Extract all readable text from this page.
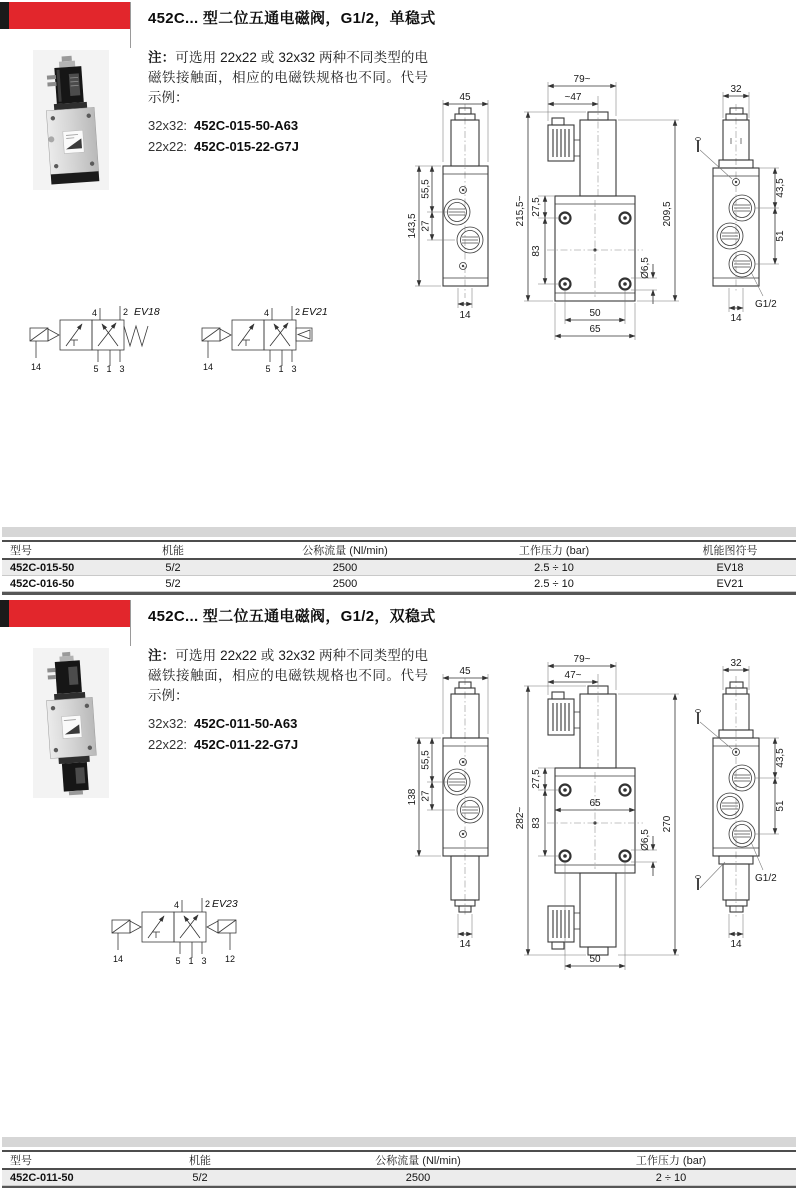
452C... 型二位五通电磁阀，G1/2，单稳式
注：可选用 22x22 或 32x32 两种不同类型的电磁铁接触面，相应的电磁铁规格也不同。代号示例：
32x32: 452C-015-50-A63
22x22: 452C-015-22-G7J
45
143,5
55,5
27
14
79~
~47
215,5~ 27,5
83
Ø6,5
209,5
50
65
32
43,5
51
G1/2
14
4	2
5 1 3
14
EV18	4	2
5 1 3
14
EV21
型号	机能	公称流量 (Nl/min)	工作压力 (bar)	机能图符号
452C-015-50	5/2	2500	2.5 ÷ 10	EV18
452C-016-50	5/2	2500	2.5 ÷ 10	EV21
452C... 型二位五通电磁阀，G1/2，双稳式
注：可选用 22x22 或 32x32 两种不同类型的电磁铁接触面，相应的电磁铁规格也不同。代号示例：
32x32: 452C-011-50-A63
22x22: 452C-011-22-G7J
45
138
55,5
27
14
79~
47~
282~
27,5
83
65
Ø6,5
270
50
32
43,5
51
G1/2
14
4	2
5 1 3
14	12
EV23
型号	机能	公称流量 (Nl/min)	工作压力 (bar)
452C-011-50	5/2	2500	2 ÷ 10
